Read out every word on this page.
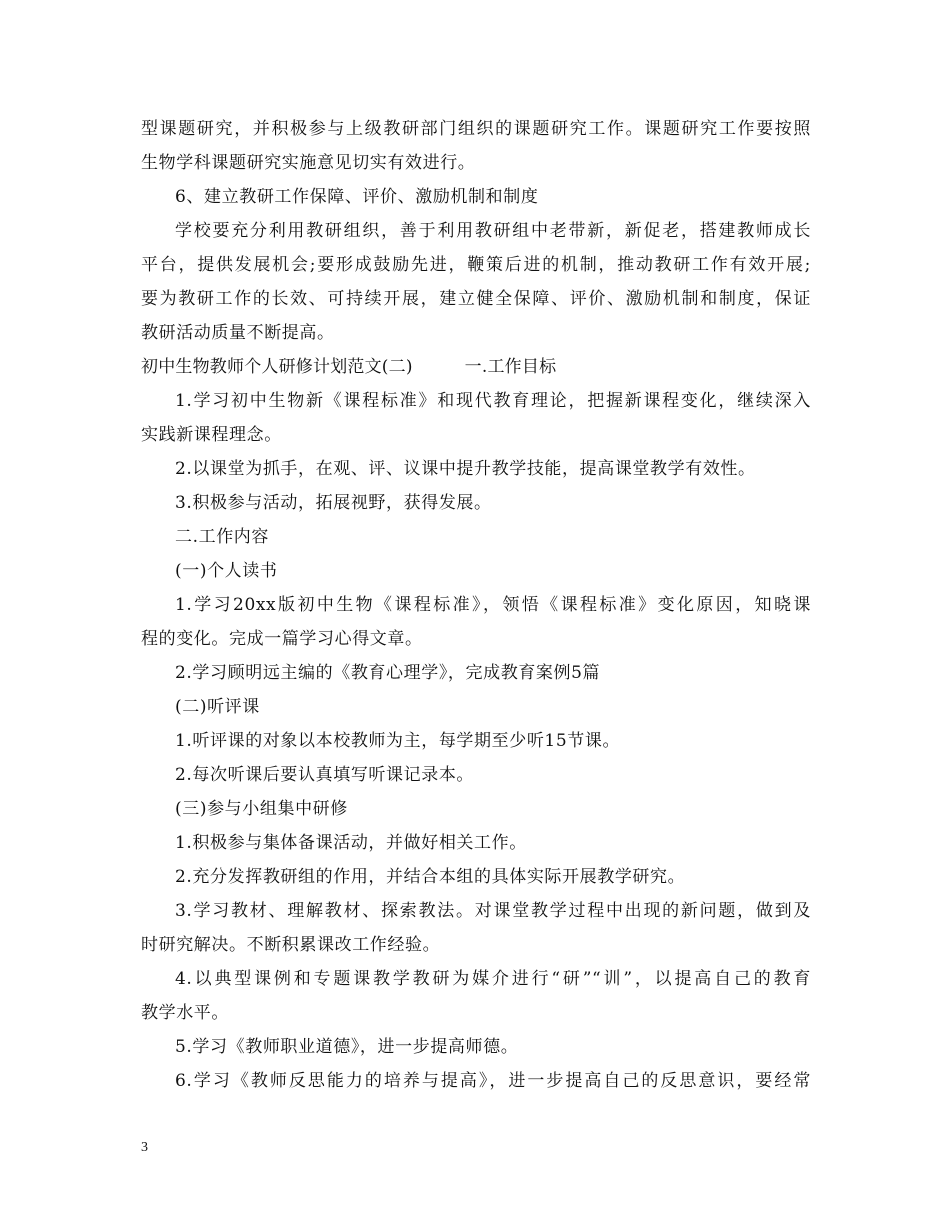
型课题研究，并积极参与上级教研部门组织的课题研究工作。课题研究工作要按照
生物学科课题研究实施意见切实有效进行。
6、建立教研工作保障、评价、激励机制和制度
学校要充分利用教研组织，善于利用教研组中老带新，新促老，搭建教师成长
平台，提供发展机会;要形成鼓励先进，鞭策后进的机制，推动教研工作有效开展;
要为教研工作的长效、可持续开展，建立健全保障、评价、激励机制和制度，保证
教研活动质量不断提高。
初中生物教师个人研修计划范文(二)	一.工作目标
1.学习初中生物新《课程标准》和现代教育理论，把握新课程变化，继续深入
实践新课程理念。
2.以课堂为抓手，在观、评、议课中提升教学技能，提高课堂教学有效性。
3.积极参与活动，拓展视野，获得发展。
二.工作内容
(一)个人读书
1.学习20xx版初中生物《课程标准》，领悟《课程标准》变化原因，知晓课
程的变化。完成一篇学习心得文章。
2.学习顾明远主编的《教育心理学》，完成教育案例5篇
(二)听评课
1.听评课的对象以本校教师为主，每学期至少听15节课。
2.每次听课后要认真填写听课记录本。
(三)参与小组集中研修
1.积极参与集体备课活动，并做好相关工作。
2.充分发挥教研组的作用，并结合本组的具体实际开展教学研究。
3.学习教材、理解教材、探索教法。对课堂教学过程中出现的新问题，做到及
时研究解决。不断积累课改工作经验。
4.以典型课例和专题课教学教研为媒介进行“研”“训”，以提高自己的教育
教学水平。
5.学习《教师职业道德》，进一步提高师德。
6.学习《教师反思能力的培养与提高》，进一步提高自己的反思意识，要经常
3
